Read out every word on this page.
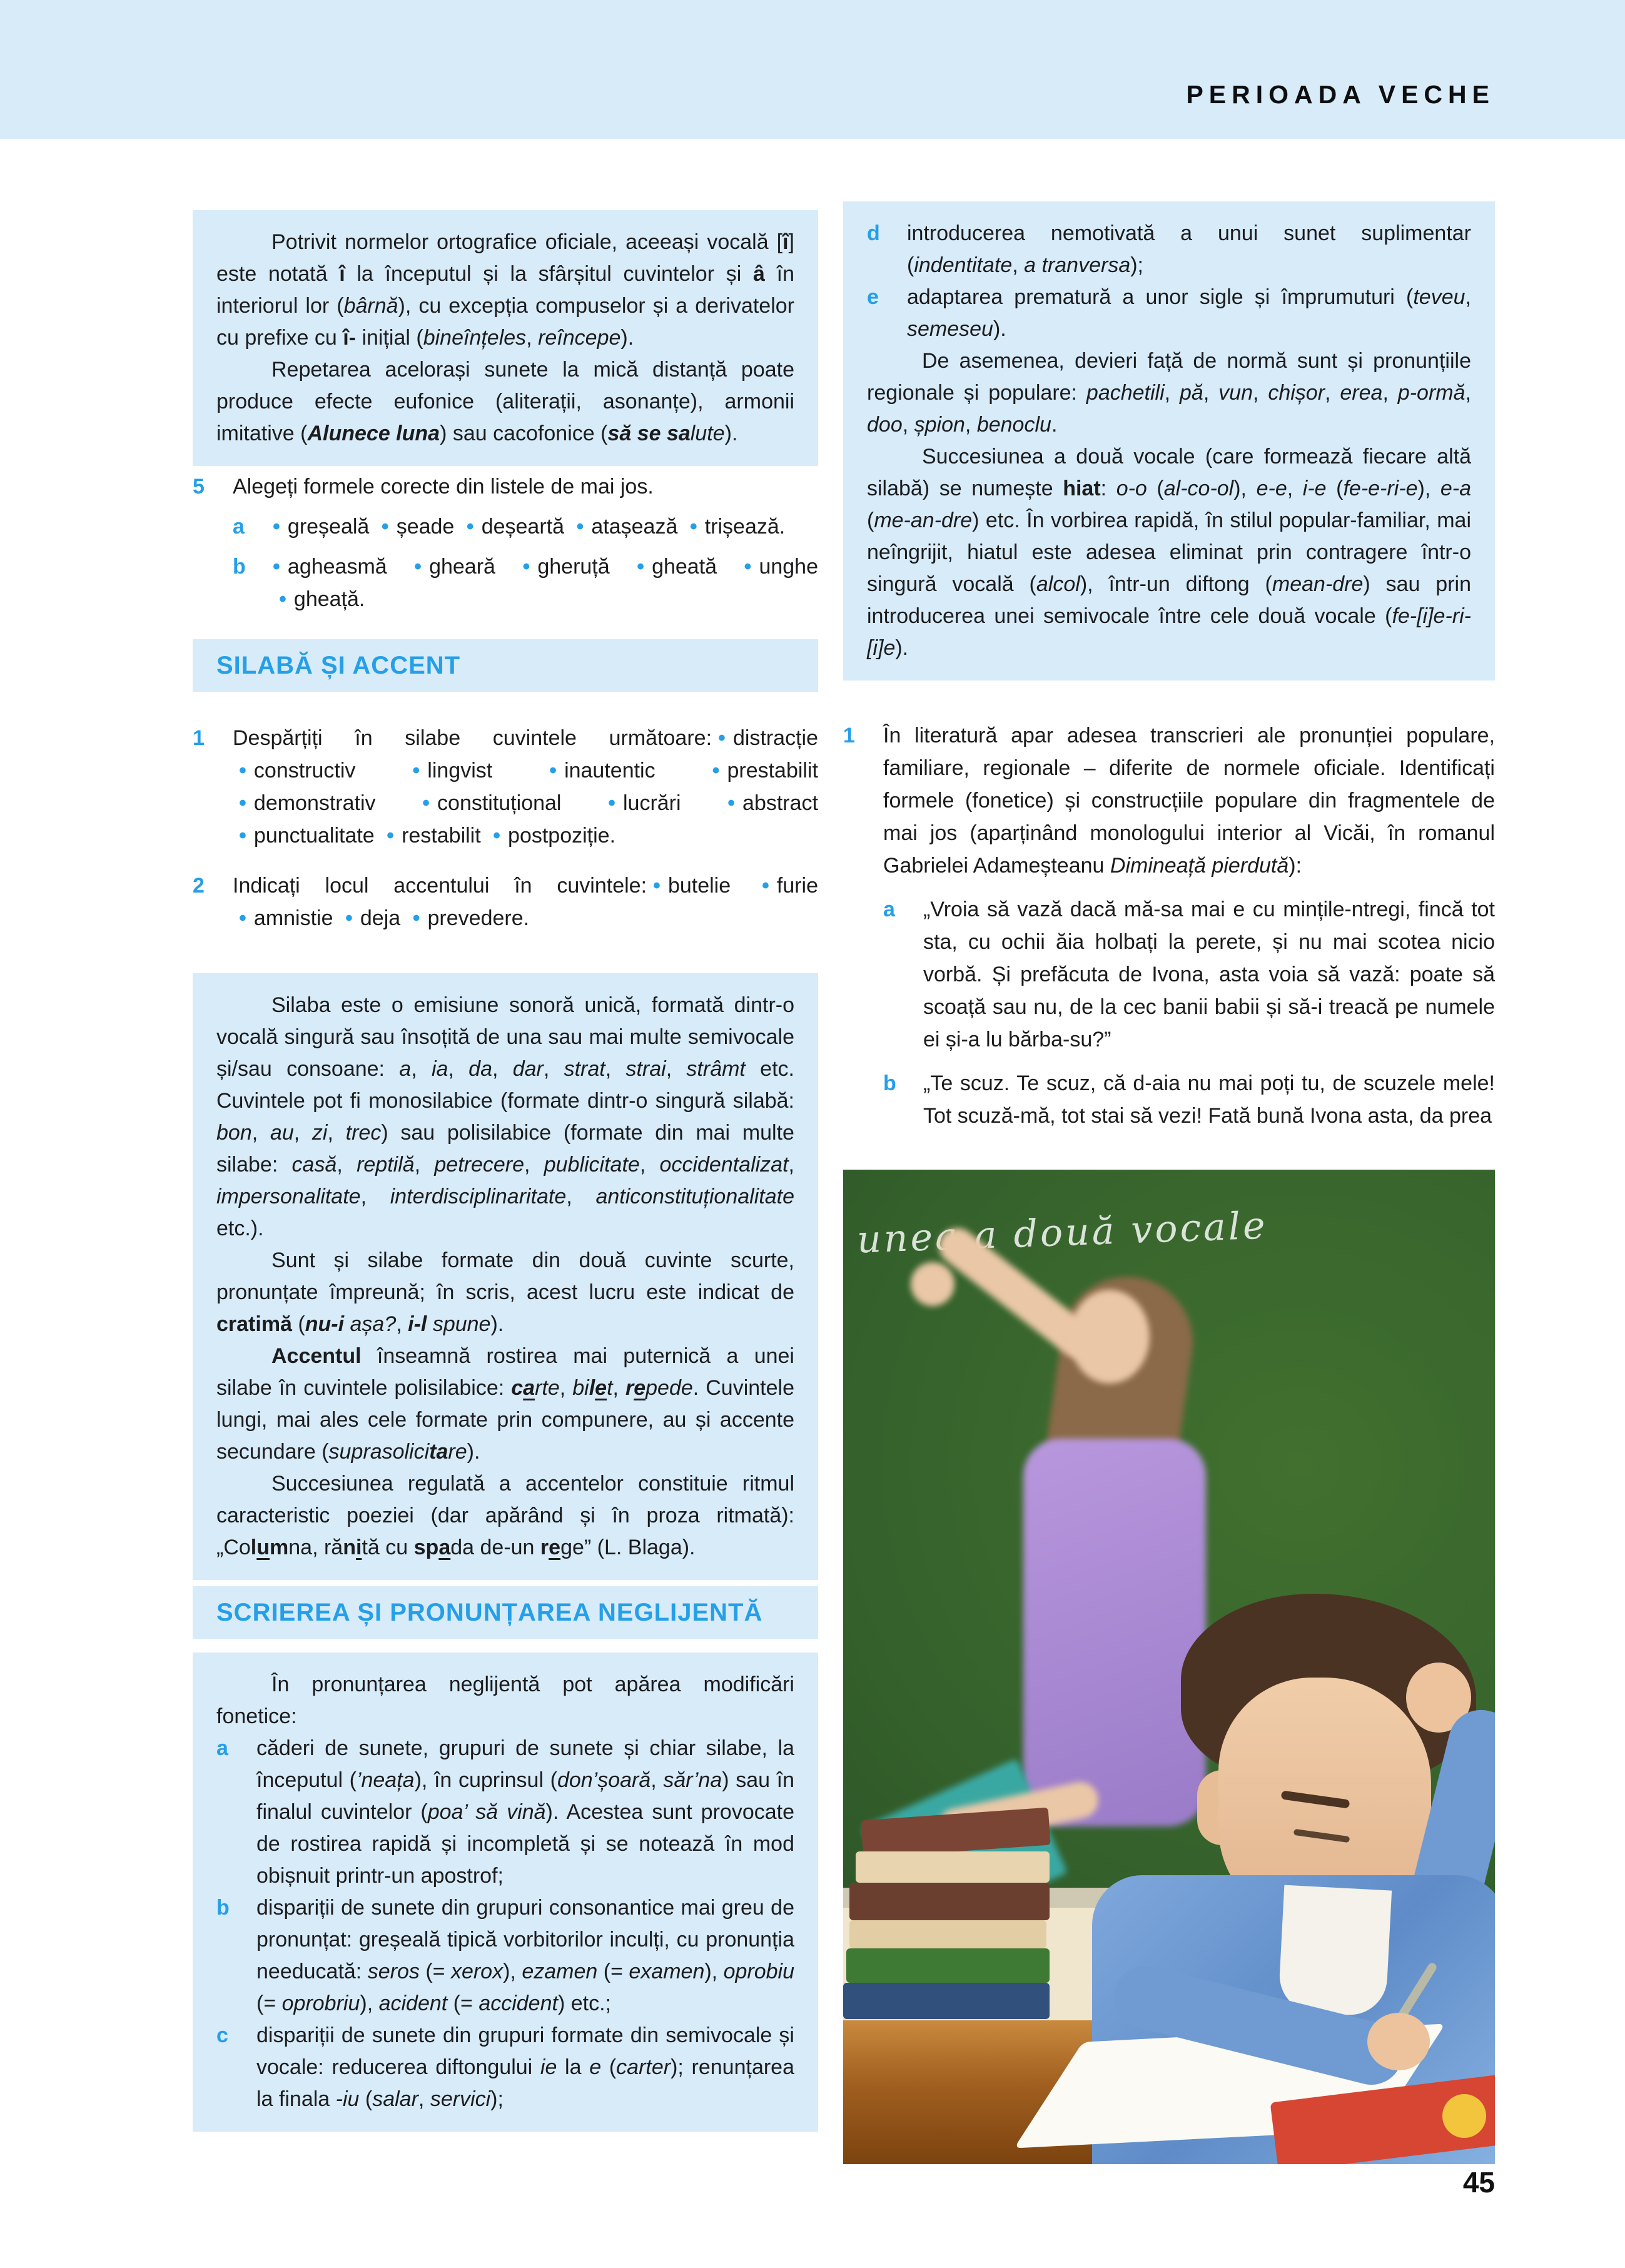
PERIOADA VECHE

Potrivit normelor ortografice oficiale, aceeași vocală [î] este notată î la începutul și la sfârșitul cuvintelor și â în interiorul lor (bârnă), cu excepția compuselor și a derivatelor cu prefixe cu î- inițial (bineînțeles, reîncepe).

Repetarea acelorași sunete la mică distanță poate produce efecte eufonice (aliterații, asonanțe), armonii imitative (Alunece luna) sau cacofonice (să se salute).

5	Alegeți formele corecte din listele de mai jos.
a	• greșeală • șeade • deșeartă • atașează • trișează.
b	• agheasmă • gheară • gheruță • gheată • unghe • gheață.
SILABĂ ȘI ACCENT
1	Despărțiți în silabe cuvintele următoare: • distracție • constructiv	• lingvist	• inautentic	• prestabilit • demonstrativ • constituțional • lucrări • abstract • punctualitate • restabilit • postpoziție.
2	Indicați locul accentului în cuvintele: • butelie • furie • amnistie • deja • prevedere.

Silaba este o emisiune sonoră unică, formată dintr-o vocală singură sau însoțită de una sau mai multe semivocale și/sau consoane: a, ia, da, dar, strat, strai, strâmt etc. Cuvintele pot fi monosilabice (formate dintr-o singură silabă: bon, au, zi, trec) sau polisilabice (formate din mai multe silabe: casă, reptilă, petrecere, publicitate, occidentalizat, impersonalitate, interdisciplinaritate, anticonstituționalitate etc.).

Sunt și silabe formate din două cuvinte scurte, pronunțate împreună; în scris, acest lucru este indicat de cratimă (nu-i așa?, i-l spune).

Accentul înseamnă rostirea mai puternică a unei silabe în cuvintele polisilabice: carte, bilet, repede. Cuvintele lungi, mai ales cele formate prin compunere, au și accente secundare (suprasolicitare).

Succesiunea regulată a accentelor constituie ritmul caracteristic poeziei (dar apărând și în proza ritmată): „Columna, rănită cu spada de-un rege” (L. Blaga).

SCRIEREA ȘI PRONUNȚAREA NEGLIJENTĂ

În pronunțarea neglijentă pot apărea modificări fonetice:

a	căderi de sunete, grupuri de sunete și chiar silabe, la începutul (’neața), în cuprinsul (don’șoară, săr’na) sau în finalul cuvintelor (poa’ să vină). Acestea sunt provocate de rostirea rapidă și incompletă și se notează în mod obișnuit printr-un apostrof;
b	dispariții de sunete din grupuri consonantice mai greu de pronunțat: greșeală tipică vorbitorilor inculți, cu pronunția needucată: seros (= xerox), ezamen (= examen), oprobiu (= oprobriu), acident (= accident) etc.;
c	dispariții de sunete din grupuri formate din semivocale și vocale: reducerea diftongului ie la e (carter); renunțarea la finala -iu (salar, servici);
d	introducerea nemotivată a unui sunet suplimentar (indentitate, a tranversa);
e	adaptarea prematură a unor sigle și împrumuturi (teveu, semeseu).

De asemenea, devieri față de normă sunt și pronunțiile regionale și populare: pachetili, pă, vun, chișor, erea, p-ormă, doo, șpion, benoclu.

Succesiunea a două vocale (care formează fiecare altă silabă) se numește hiat: o-o (al-co-ol), e-e, i-e (fe-e-ri-e), e-a (me-an-dre) etc. În vorbirea rapidă, în stilul popular-familiar, mai neîngrijit, hiatul este adesea eliminat prin contragere într-o singură vocală (alcol), într-un diftong (mean-dre) sau prin introducerea unei semivocale între cele două vocale (fe-[i]e-ri-[i]e).

1	În literatură apar adesea transcrieri ale pronunției populare, familiare, regionale – diferite de normele oficiale. Identificați formele (fonetice) și construcțiile populare din fragmentele de mai jos (aparținând monologului interior al Vicăi, în romanul Gabrielei Adameșteanu Dimineață pierdută):
a	„Vroia să vază dacă mă-sa mai e cu mințile-ntregi, fincă tot sta, cu ochii ăia holbați la perete, și nu mai scotea nicio vorbă. Și prefăcuta de Ivona, asta voia să vază: poate să scoață sau nu, de la cec banii babii și să-i treacă pe numele ei și-a lu bărba-su?”
b	„Te scuz. Te scuz, că d-aia nu mai poți tu, de scuzele mele! Tot scuză-mă, tot stai să vezi! Fată bună Ivona asta, da prea
unea a două vocale
45
